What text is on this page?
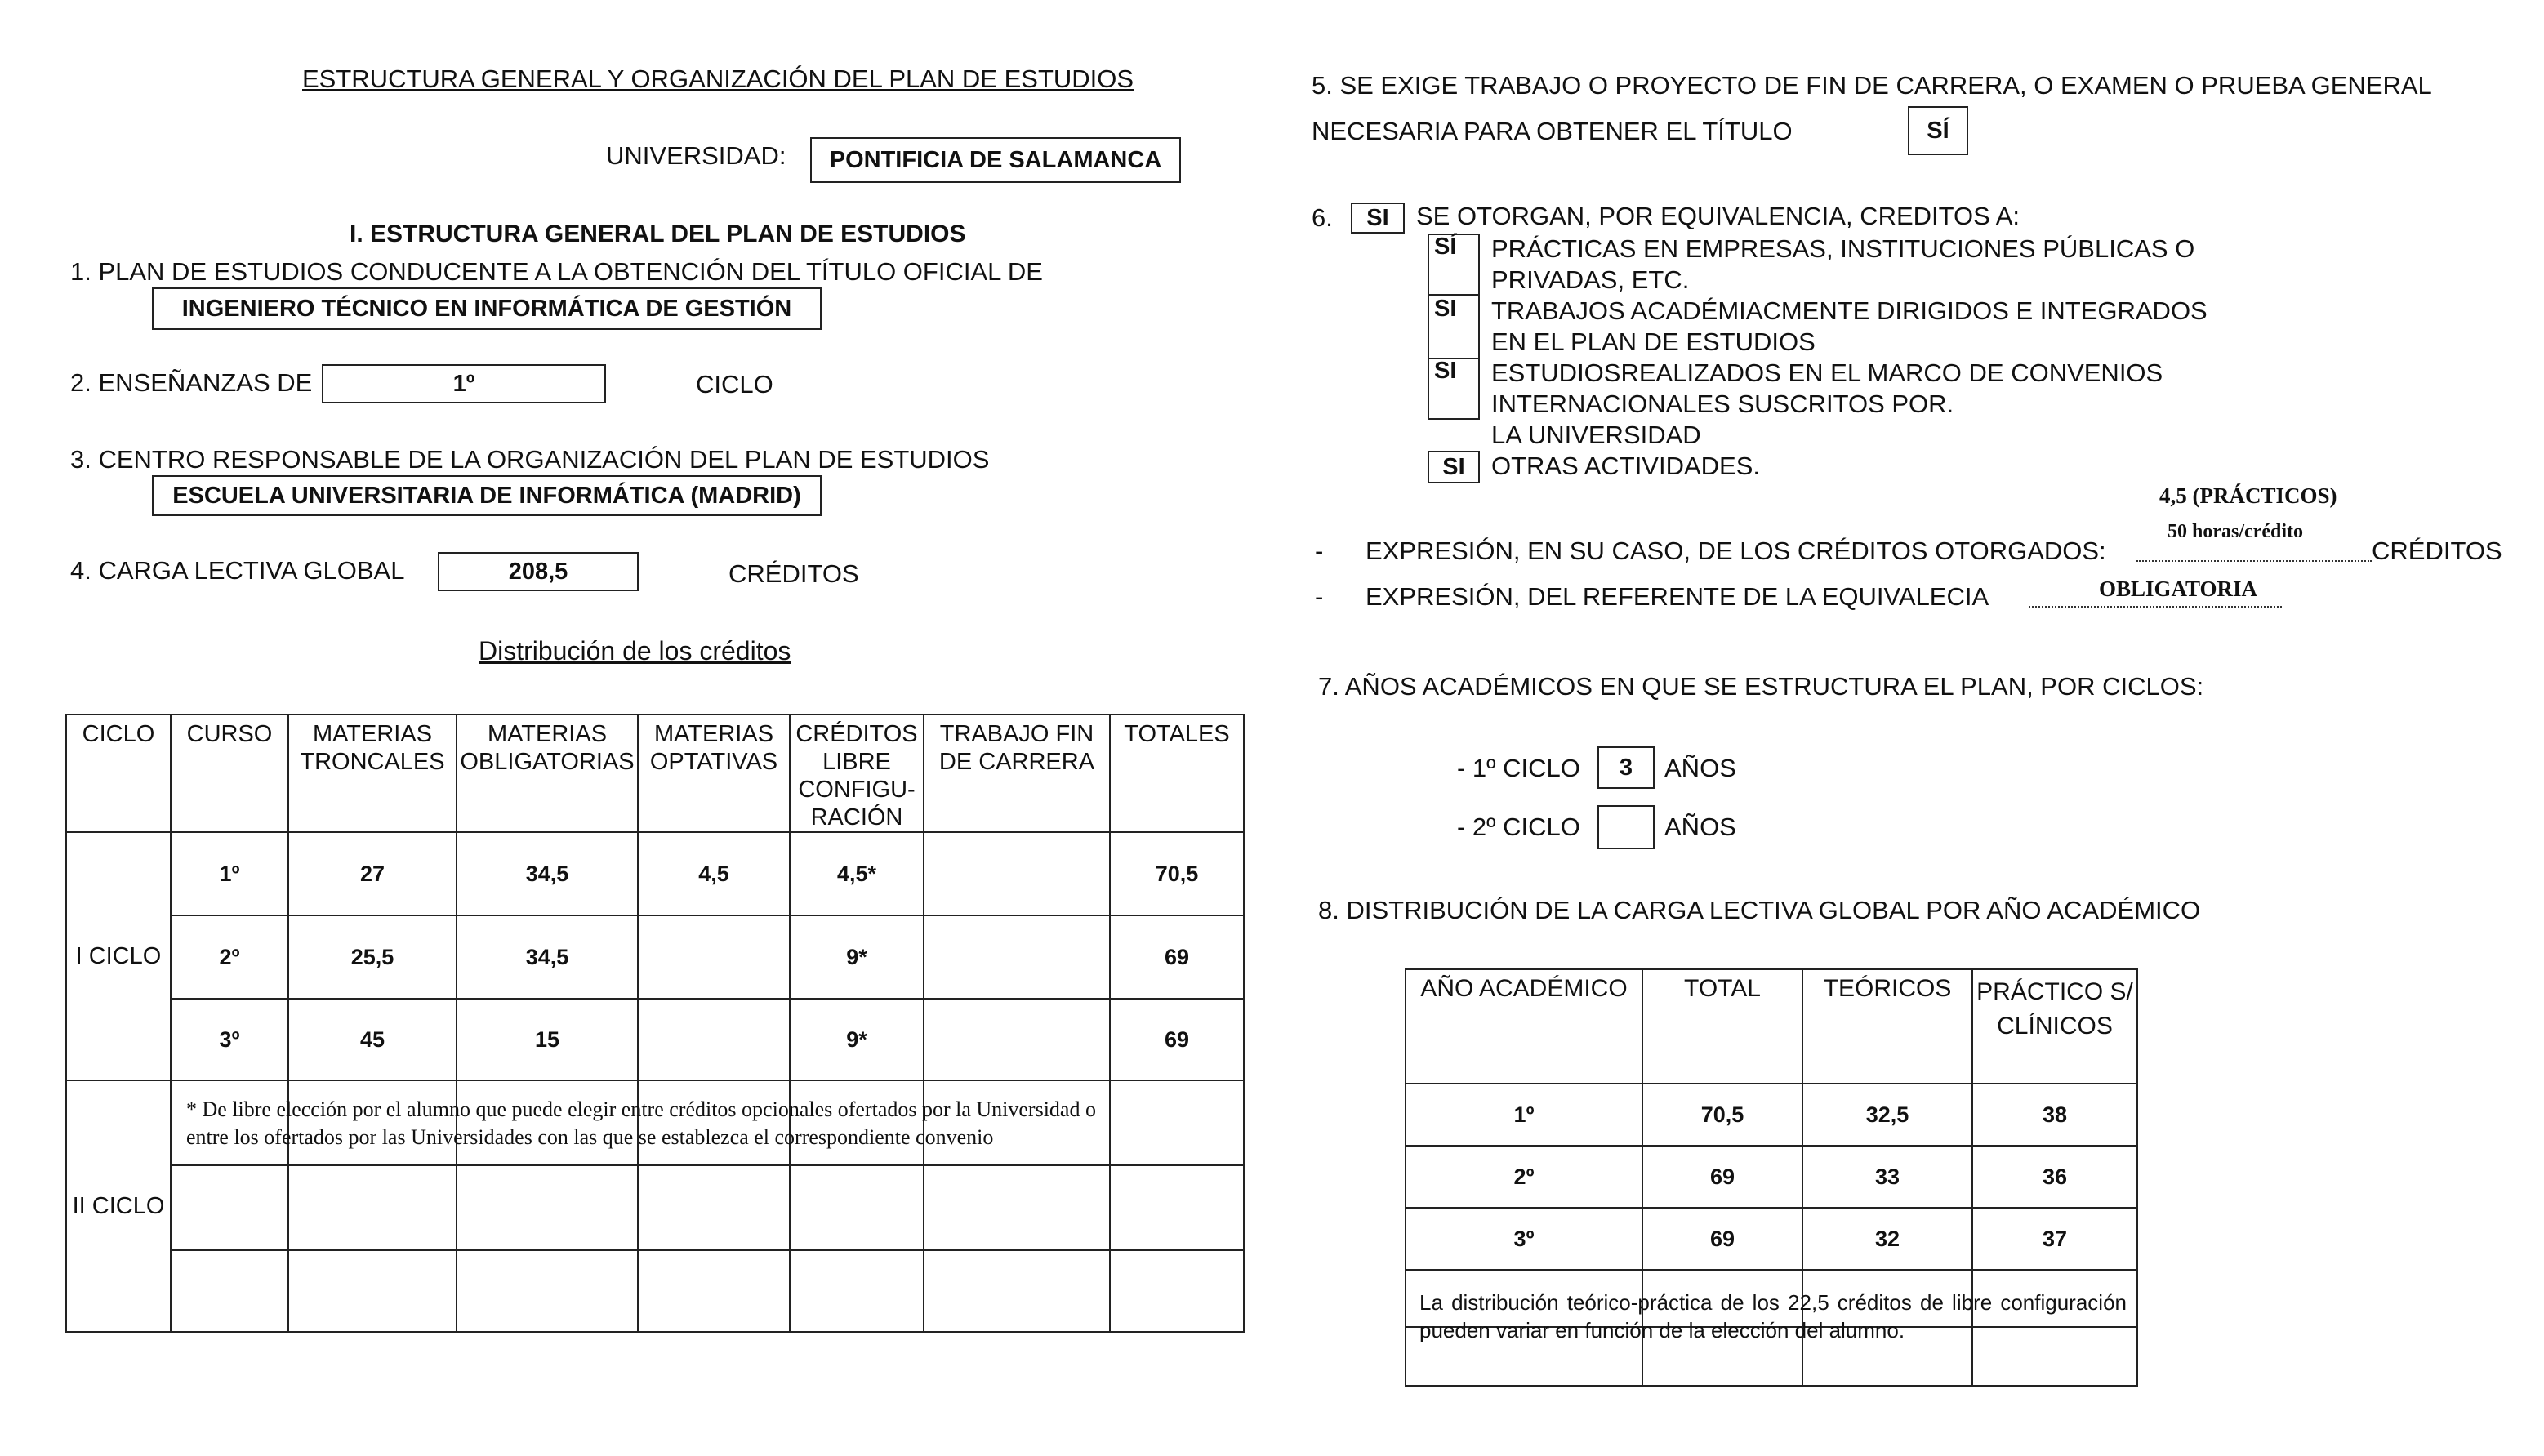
ESTRUCTURA GENERAL Y ORGANIZACIÓN DEL PLAN DE ESTUDIOS
UNIVERSIDAD: PONTIFICIA DE SALAMANCA
I. ESTRUCTURA GENERAL DEL PLAN DE ESTUDIOS
1. PLAN DE ESTUDIOS CONDUCENTE A LA OBTENCIÓN DEL TÍTULO OFICIAL DE
INGENIERO TÉCNICO EN INFORMÁTICA DE GESTIÓN
2. ENSEÑANZAS DE	1º	CICLO
3. CENTRO RESPONSABLE DE LA ORGANIZACIÓN DEL PLAN DE ESTUDIOS
ESCUELA UNIVERSITARIA DE INFORMÁTICA (MADRID)
4. CARGA LECTIVA GLOBAL	208,5	CRÉDITOS
Distribución de los créditos
CICLO	CURSO	MATERIAS TRONCALES	MATERIAS OBLIGATORIAS	MATERIAS OPTATIVAS	CRÉDITOS LIBRE CONFIGU-RACIÓN	TRABAJO FIN DE CARRERA	TOTALES
I CICLO	1º	27	34,5	4,5	4,5*		70,5
	2º	25,5	34,5		9*		69
	3º	45	15		9*		69
II CICLO							

* De libre elección por el alumno que puede elegir entre créditos opcionales ofertados por la Universidad o
entre los ofertados por las Universidades con las que se establezca el correspondiente convenio
5. SE EXIGE TRABAJO O PROYECTO DE FIN DE CARRERA, O EXAMEN O PRUEBA GENERAL
NECESARIA PARA OBTENER EL TÍTULO	SÍ
6. SI SE OTORGAN, POR EQUIVALENCIA, CREDITOS A:
SÍ
SI
SI
PRÁCTICAS EN EMPRESAS, INSTITUCIONES PÚBLICAS O
PRIVADAS, ETC.
TRABAJOS ACADÉMIACMENTE DIRIGIDOS E INTEGRADOS
EN EL PLAN DE ESTUDIOS
ESTUDIOSREALIZADOS EN EL MARCO DE CONVENIOS
INTERNACIONALES SUSCRITOS POR.
LA UNIVERSIDAD
SI OTRAS ACTIVIDADES.
4,5 (PRÁCTICOS)
50 horas/crédito
- EXPRESIÓN, EN SU CASO, DE LOS CRÉDITOS OTORGADOS:	CRÉDITOS
- EXPRESIÓN, DEL REFERENTE DE LA EQUIVALECIA	OBLIGATORIA
7. AÑOS ACADÉMICOS EN QUE SE ESTRUCTURA EL PLAN, POR CICLOS:
- 1º CICLO 3 AÑOS
- 2º CICLO	AÑOS
8. DISTRIBUCIÓN DE LA CARGA LECTIVA GLOBAL POR AÑO ACADÉMICO
AÑO ACADÉMICO	TOTAL	TEÓRICOS	PRÁCTICO S/ CLÍNICOS
1º	70,5	32,5	38
2º	69	33	36
3º	69	32	37

La distribución teórico-práctica de los 22,5 créditos de libre configuración pueden variar en función de la elección del alumno.
